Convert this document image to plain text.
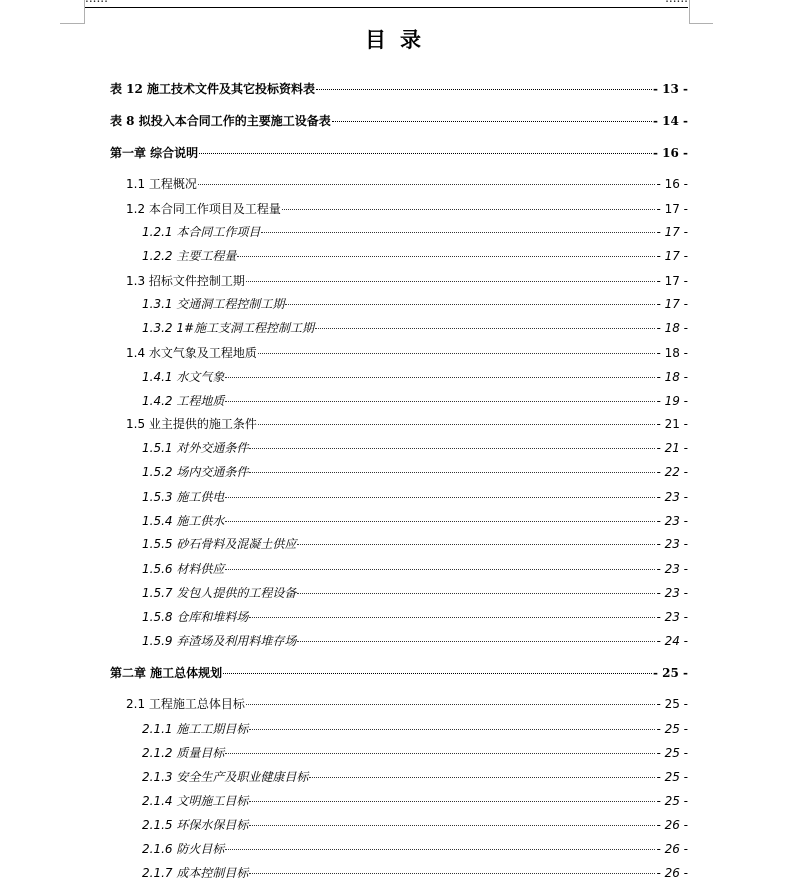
目录
表 12 施工技术文件及其它投标资料表	- 13 -
表 8 拟投入本合同工作的主要施工设备表	- 14 -
第一章 综合说明	- 16 -
1.1 工程概况	- 16 -
1.2 本合同工作项目及工程量	- 17 -
1.2.1 本合同工作项目	- 17 -
1.2.2 主要工程量	- 17 -
1.3 招标文件控制工期	- 17 -
1.3.1 交通洞工程控制工期	- 17 -
1.3.2 1#施工支洞工程控制工期	- 18 -
1.4 水文气象及工程地质	- 18 -
1.4.1 水文气象	- 18 -
1.4.2 工程地质	- 19 -
1.5 业主提供的施工条件	- 21 -
1.5.1 对外交通条件	- 21 -
1.5.2 场内交通条件	- 22 -
1.5.3 施工供电	- 23 -
1.5.4 施工供水	- 23 -
1.5.5 砂石骨料及混凝土供应	- 23 -
1.5.6 材料供应	- 23 -
1.5.7 发包人提供的工程设备	- 23 -
1.5.8 仓库和堆料场	- 23 -
1.5.9 弃渣场及利用料堆存场	- 24 -
第二章 施工总体规划	- 25 -
2.1 工程施工总体目标	- 25 -
2.1.1 施工工期目标	- 25 -
2.1.2 质量目标	- 25 -
2.1.3 安全生产及职业健康目标	- 25 -
2.1.4 文明施工目标	- 25 -
2.1.5 环保水保目标	- 26 -
2.1.6 防火目标	- 26 -
2.1.7 成本控制目标	- 26 -
